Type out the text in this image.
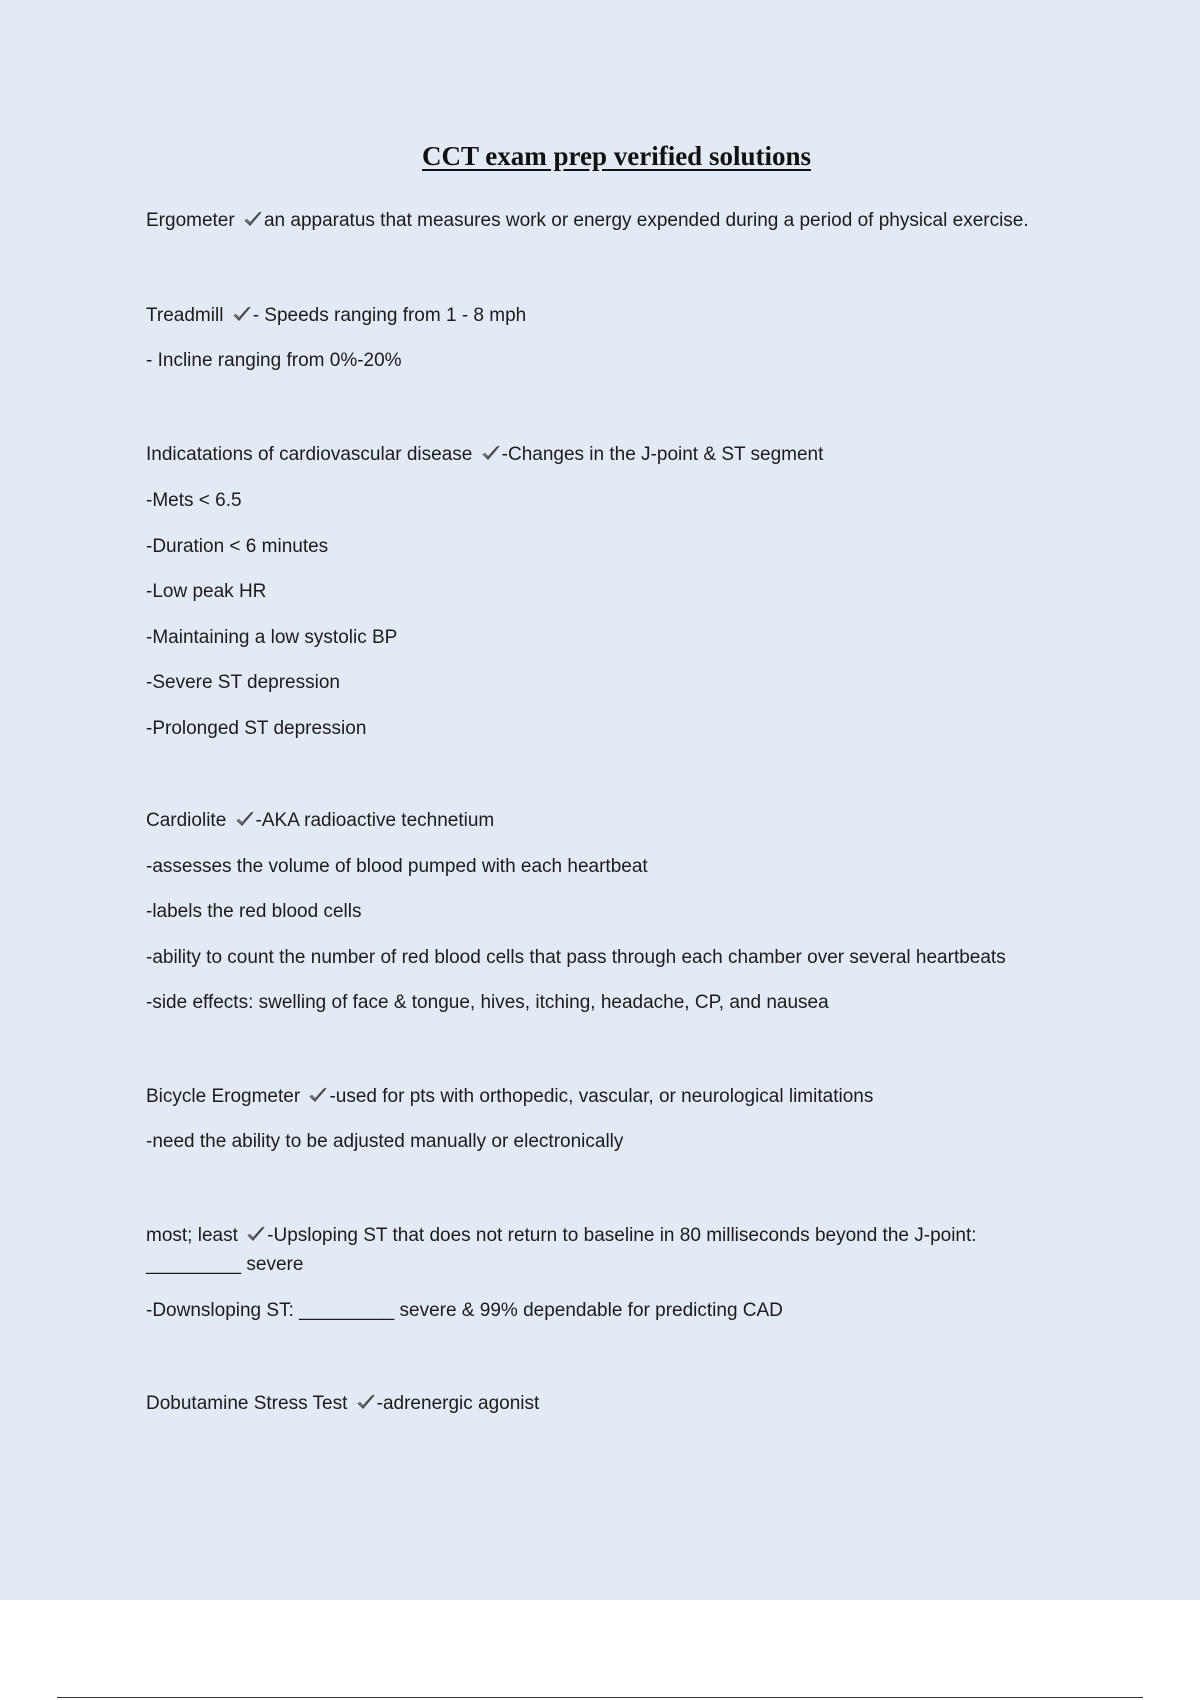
CCT exam prep verified solutions
Ergometer an apparatus that measures work or energy expended during a period of physical exercise.
Treadmill - Speeds ranging from 1 - 8 mph
- Incline ranging from 0%-20%
Indicatations of cardiovascular disease -Changes in the J-point & ST segment
-Mets < 6.5
-Duration < 6 minutes
-Low peak HR
-Maintaining a low systolic BP
-Severe ST depression
-Prolonged ST depression
Cardiolite -AKA radioactive technetium
-assesses the volume of blood pumped with each heartbeat
-labels the red blood cells
-ability to count the number of red blood cells that pass through each chamber over several heartbeats
-side effects: swelling of face & tongue, hives, itching, headache, CP, and nausea
Bicycle Erogmeter -used for pts with orthopedic, vascular, or neurological limitations
-need the ability to be adjusted manually or electronically
most; least -Upsloping ST that does not return to baseline in 80 milliseconds beyond the J-point:
_________ severe
-Downsloping ST: _________ severe & 99% dependable for predicting CAD
Dobutamine Stress Test -adrenergic agonist
